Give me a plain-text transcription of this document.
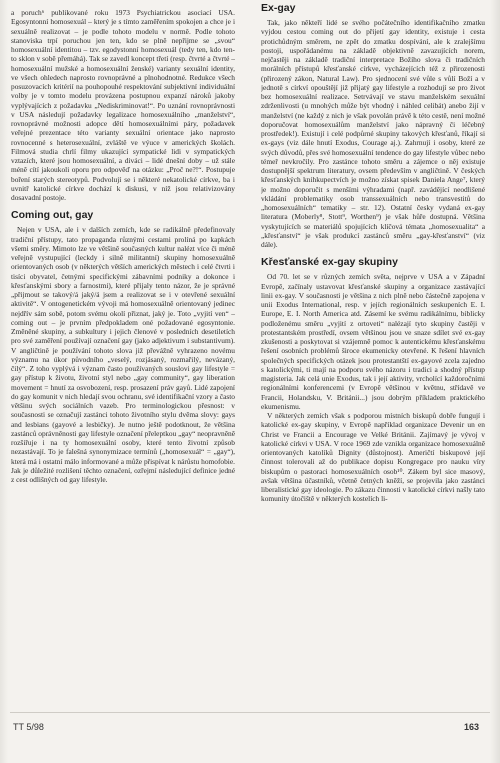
a poruch⁶ publikované roku 1973 Psychiatrickou asociací USA. Egosyntonní homosexuál – který je s tímto zaměřením spokojen a chce je i sexuálně realizovat – je podle tohoto modelu v normě. Podle tohoto stanoviska trpí poruchou jen ten, kdo se plně nepřijme se „svou“ homosexuální identitou – tzv. egodystonní homosexuál (tedy ten, kdo ten-to sklon v sobě přemáhá). Tak se zavedl koncept třetí (resp. čtvrté a čtvrté – homosexuální mužské a homosexuální ženské) varianty sexuální identity, ve všech ohledech naprosto rovnoprávné a plnohodnotné. Redukce všech posuzovacích kritérií na pouhopouhé respektování subjektivní individuální volby je v tomto modelu provázena postupnou expanzí nároků jakoby vyplývajících z požadavku „Nediskriminovat!“. Po uznání rovnoprávnosti v USA následují požadavky legalizace homosexuálního „manželství“, rovnoprávné možnosti adopce dětí homosexuálními páry, požadavek veřejné prezentace této varianty sexuální orientace jako naprosto rovnocenné s heterosexuální, zvláště ve výuce v amerických školách. Filmová studia chrlí filmy ukazující sympatické lidi v sympatických vztazích, které jsou homosexuální, a diváci – lidé dnešní doby – už stále méně cítí jakoukoli oporu pro odpověď na otázku: „Proč ne?!“. Postupuje boření starých stereotypů. Podvolují se i některé nekatolické církve, ba i uvnitř katolické církve dochází k diskusi, v níž jsou relativizovány dosavadní postoje.

Coming out, gay

Nejen v USA, ale i v dalších zemích, kde se radikálně předefinovaly tradiční přístupy, tato propaganda různými cestami prolíná po kapkách všemi směry. Mimoto lze ve většině současných kultur nalézt více či méně veřejně vystupující (leckdy i silně militantní) skupiny homosexuálně orientovaných osob (v některých větších amerických městech i celé čtvrti i tisíci obyvatel, četnými specifickými zábavními podniky a dokonce i křesťanskými sbory a farnostmi), které přijaly tento názor, že je správné „přijmout se takový/á jaký/á jsem a realizovat se i v otevřené sexuální aktivitě“. V ontogenetickém vývoji má homosexuálně orientovaný jedinec nejdřív sám sobě, potom svému okolí přiznat, jaký je. Toto „vyjití ven“ – coming out – je prvním předpokladem oné požadované egosyntonie. Změněné skupiny, a subkultury i jejich členové v posledních desetiletích pro své zaměření používají označení gay (jako adjektivum i substantivum). V angličtině je používání tohoto slova již převážně vyhrazeno novému významu na úkor původního „veselý, rozjásaný, rozmařilý, nevázaný, čilý“. Z toho vyplývá i význam často používaných souslovi gay lifestyle = gay přístup k životu, životní styl nebo „gay community“, gay liberation movement = hnutí za osvobození, resp. prosazení práv gayů. Lidé zapojení do gay komunit v nich hledají svou ochranu, své identifikační vzory a často většinu svých sociálních vazeb. Pro terminologickou přesnost: v současnosti se označují zastánci tohoto životního stylu dvěma slovy: gays and lesbians (gayové a lesbičky). Je nutno ještě podotknout, že většina zastánců oprávněnosti gay lifestyle označení přeleptkou „gay“ neopravněně rozšiřuje i na ty homosexuální osoby, které tento životní způsob nezastávají. To je falešná synonymizace termínů („homosexuál“ = „gay“), která má i ostatní málo informované a může přispívat k nárůstu homofobie. Jak je důležité rozlišení těchto označení, ozřejmí následující definice jedné z cest odlišných od gay lifestyle.

Ex-gay

Tak, jako někteří lidé se svého počátečního identifikačního zmatku vyjdou cestou coming out do přijetí gay identity, existuje i cesta protichůdným směrem, ne zpět do zmatku dospívání, ale k zralejšímu postoji, uspořádanému na základě objektivně zavazujících norem, nejčastěji na základě tradiční interpretace Božího slova či tradičních morálních přístupů křesťanské církve, vycházejících též z přirozenosti (přirozený zákon, Natural Law). Pro sjednocení své vůle s vůlí Boží a v jednotě s církví opouštějí již přijatý gay lifestyle a rozhodují se pro život bez homosexuální realizace. Setrvávají ve stavu manželském sexuální zdrženlivosti (u mnohých může být vhodný i náhled celibát) anebo žijí v manželství (ne každý z nich je však povolán právě k této cestě, není možné doporučovat homosexuálům manželství jako nápravný či léčebný prostředek!). Existují i celé podpůrné skupiny takových křesťanů, říkají si ex-gays (viz dále hnutí Exodus, Courage aj.). Zahrnují i osoby, které ze svých důvodů, přes své homosexuální tendence do gay lifestyle vůbec nebo témeř nevkročily. Pro zastánce tohoto směru a zájemce o něj existuje dostupnější spektrum literatury, ovsem především v angličtině. V českých křesťanských knihkupectvích je možno získat spisek Daniela Ange⁷, který je možno doporučit s menšími výhradami (např. zavádějící neodlišené vkládání problematiky osob transsexuálních nebo transvestitů do „homosexuálních“ tematiky – str. 12). Ostatní česky vydaná ex-gay literatura (Moberly⁸, Stott⁹, Worthen⁹) je však hůře dostupná. Většina vyskytujících se materiálů spojujících klíčová témata „homosexualita“ a „křesťanství“ je však produkcí zastánců směru „gay-křesťanství“ (viz dále).

Křesťanské ex-gay skupiny

Od 70. let se v různých zemích světa, nejprve v USA a v Západní Evropě, začínaly ustavovat křesťanské skupiny a organizace zastávající linii ex-gay. V současnosti je většina z nich plně nebo částečně zapojena v unii Exodus International, resp. v jejích regionálních seskupeních E. I. Europe, E. I. North America atd. Zásemí ke svému radikálnímu, biblicky podloženému směru „vyjití z ortoveti“ nalézají tyto skupiny častěji v protestantském prostředí, ovsem většinou jsou ve snaze sdílet své ex-gay zkušenosti a poskytovat si vzájemně pomoc k autentickému křesťanskému řešení osobních problémů široce ekumenicky otevřené. K řešení hlavních společných specifických otázek jsou protestantští ex-gayové zcela zajedno s katolickými, ti mají na podporu svého názoru i tradici a shodný přístup magisteria. Jak celá unie Exodus, tak i její aktivity, vrcholící každoročními regionálními konferencemi (v Evropě většinou v květnu, střídavě ve Francii, Holandsku, V. Británii...) jsou dobrým příkladem praktického ekumenismu.

V některých zemích však s podporou místních biskupů dobře fungují i katolické ex-gay skupiny, v Evropě například organizace Devenir un en Christ ve Francii a Encourage ve Velké Británii. Zajímavý je vývoj v katolické církvi v USA. V roce 1969 zde vznikla organizace homosexuálně orientovaných katolíků Dignity (důstojnost). Američtí biskupové její činnost tolerovali až do publikace dopisu Kongregace pro nauku víry biskupům o pastoraci homosexuálních osob¹⁰. Zákem byl sice masový, avšak většina účastníků, včetně četných kněží, se projevila jako zastánci liberalistické gay ideologie. Po zákazu činnosti v katolické církvi našly tato komunity útočiště v některých kostelích li-

TT 5/98	163
